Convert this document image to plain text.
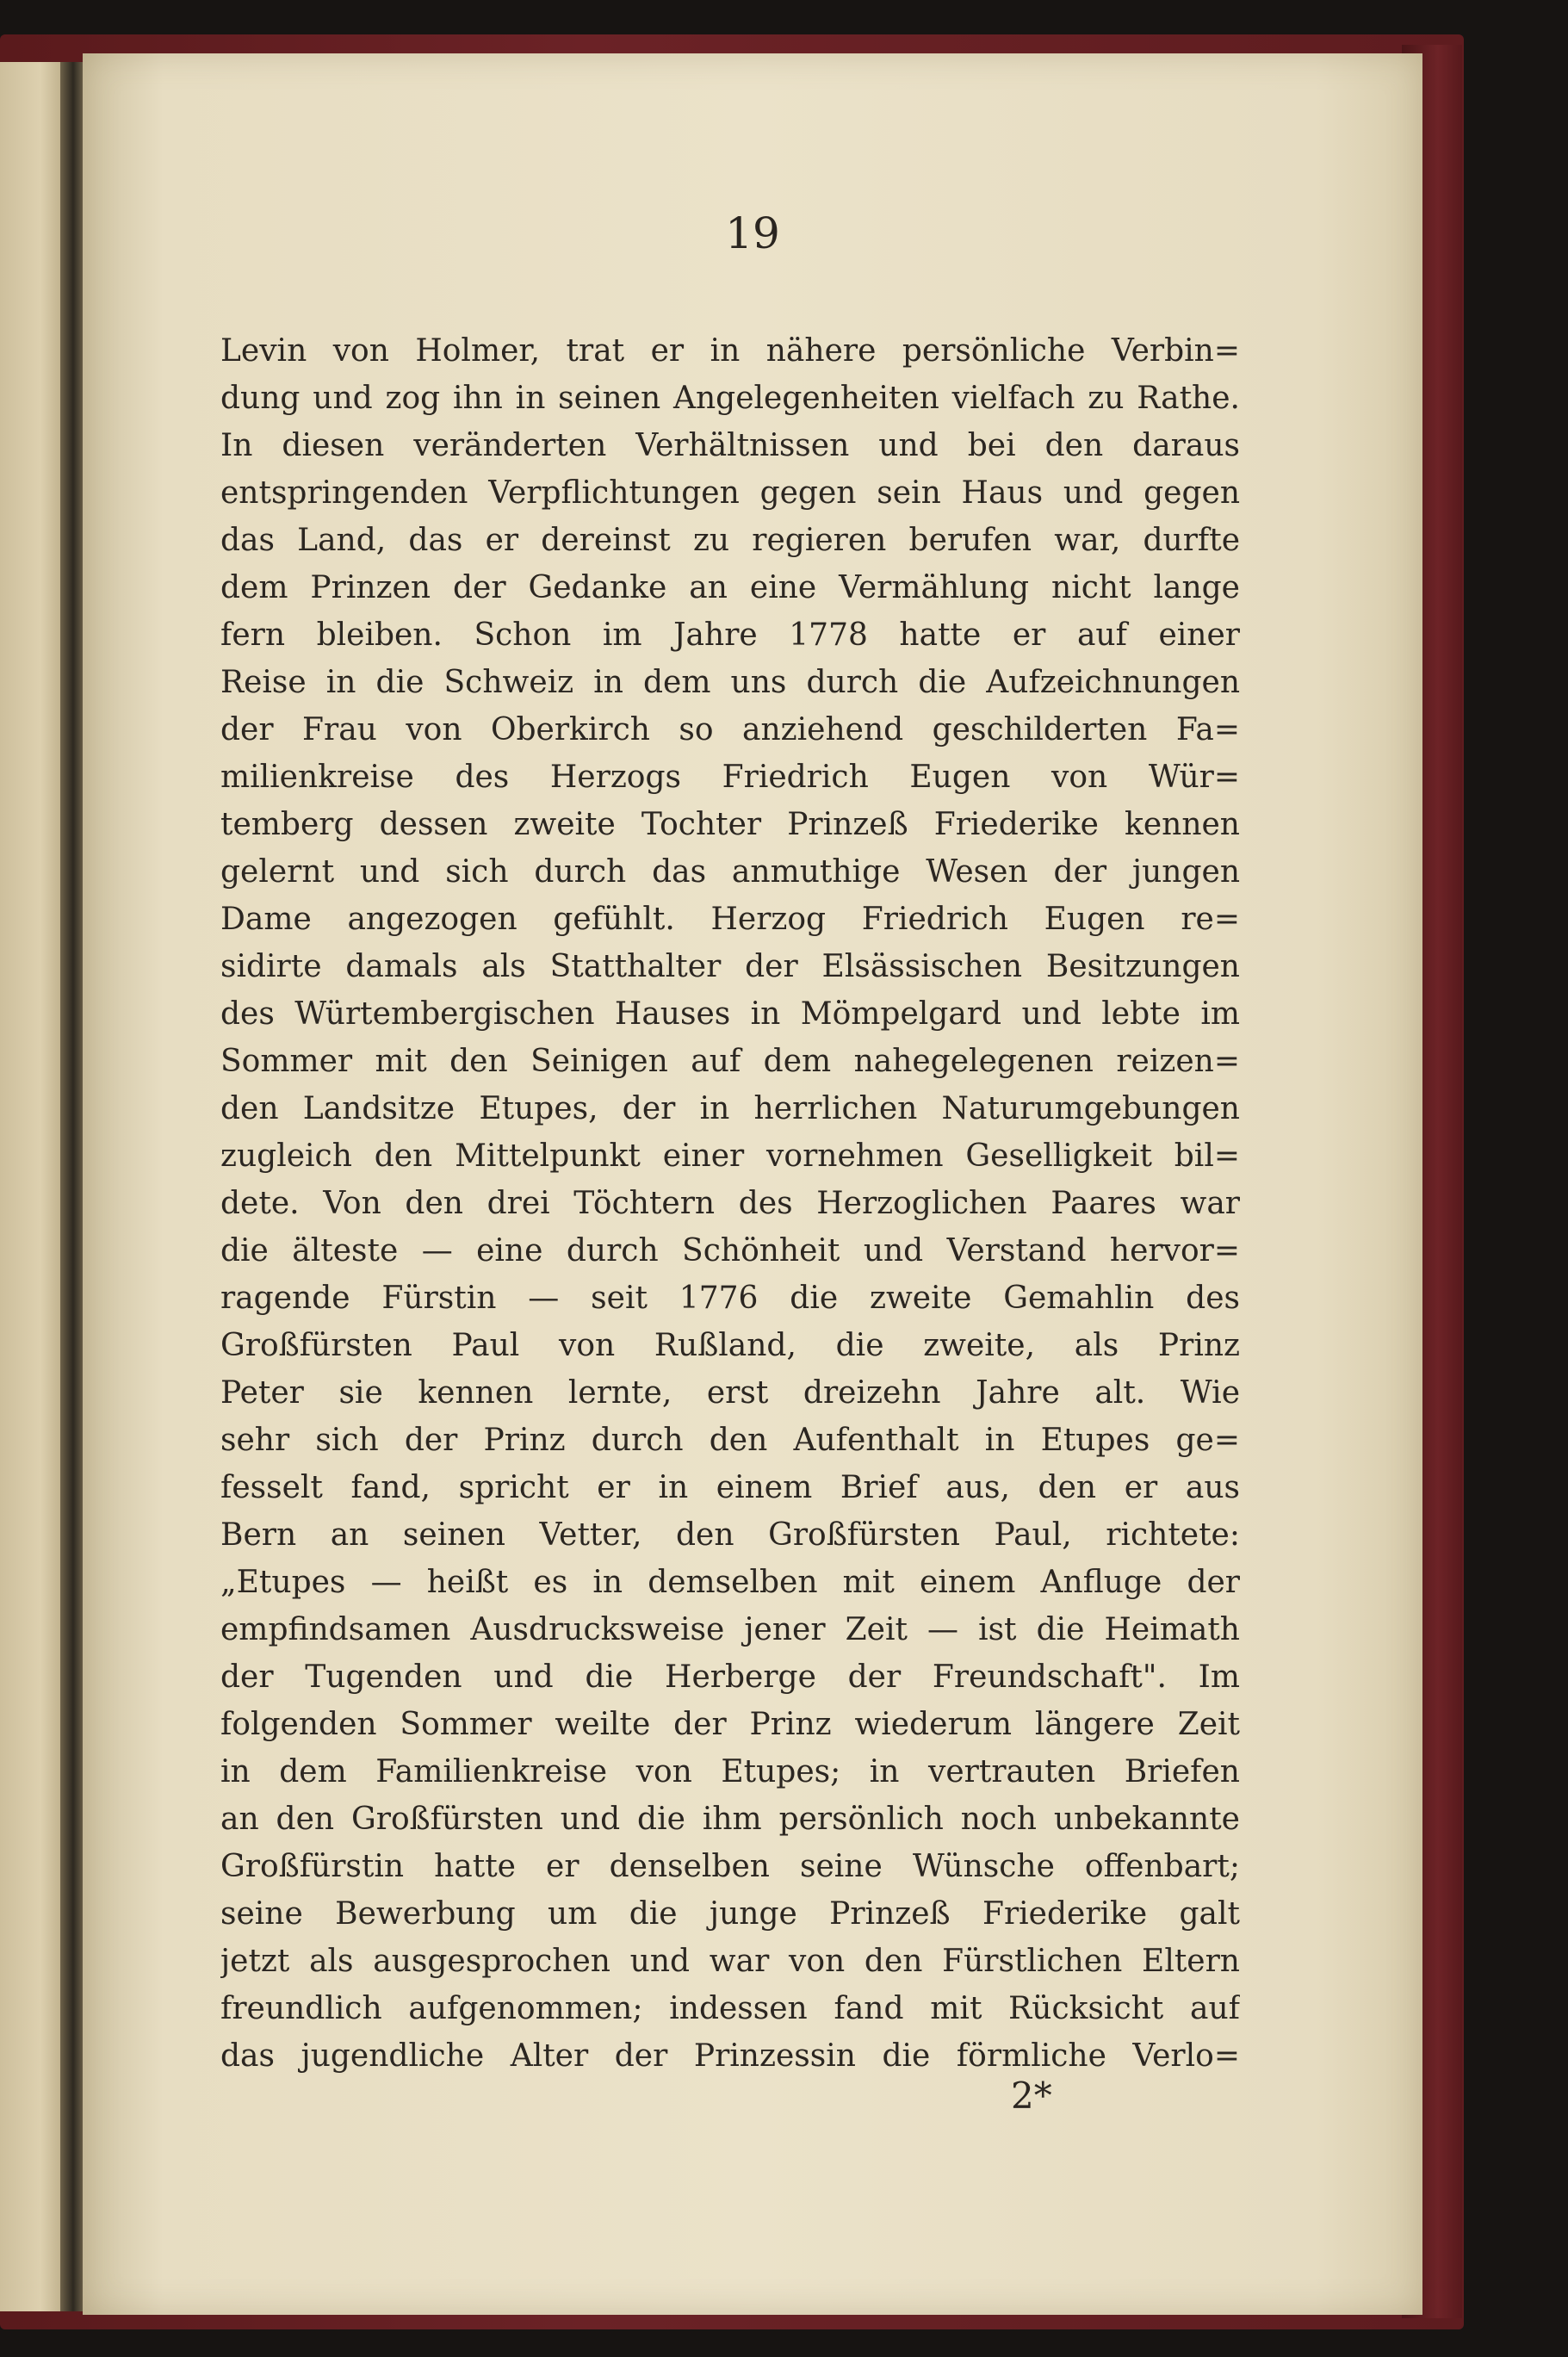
19
Levin von Holmer, trat er in nähere persönliche Verbin=
dung und zog ihn in seinen Angelegenheiten vielfach zu Rathe.
In diesen veränderten Verhältnissen und bei den daraus
entspringenden Verpflichtungen gegen sein Haus und gegen
das Land, das er dereinst zu regieren berufen war, durfte
dem Prinzen der Gedanke an eine Vermählung nicht lange
fern bleiben. Schon im Jahre 1778 hatte er auf einer
Reise in die Schweiz in dem uns durch die Aufzeichnungen
der Frau von Oberkirch so anziehend geschilderten Fa=
milienkreise des Herzogs Friedrich Eugen von Wür=
temberg dessen zweite Tochter Prinzeß Friederike kennen
gelernt und sich durch das anmuthige Wesen der jungen
Dame angezogen gefühlt. Herzog Friedrich Eugen re=
sidirte damals als Statthalter der Elsässischen Besitzungen
des Würtembergischen Hauses in Mömpelgard und lebte im
Sommer mit den Seinigen auf dem nahegelegenen reizen=
den Landsitze Etupes, der in herrlichen Naturumgebungen
zugleich den Mittelpunkt einer vornehmen Geselligkeit bil=
dete. Von den drei Töchtern des Herzoglichen Paares war
die älteste — eine durch Schönheit und Verstand hervor=
ragende Fürstin — seit 1776 die zweite Gemahlin des
Großfürsten Paul von Rußland, die zweite, als Prinz
Peter sie kennen lernte, erst dreizehn Jahre alt. Wie
sehr sich der Prinz durch den Aufenthalt in Etupes ge=
fesselt fand, spricht er in einem Brief aus, den er aus
Bern an seinen Vetter, den Großfürsten Paul, richtete:
„Etupes — heißt es in demselben mit einem Anfluge der
empfindsamen Ausdrucksweise jener Zeit — ist die Heimath
der Tugenden und die Herberge der Freundschaft". Im
folgenden Sommer weilte der Prinz wiederum längere Zeit
in dem Familienkreise von Etupes; in vertrauten Briefen
an den Großfürsten und die ihm persönlich noch unbekannte
Großfürstin hatte er denselben seine Wünsche offenbart;
seine Bewerbung um die junge Prinzeß Friederike galt
jetzt als ausgesprochen und war von den Fürstlichen Eltern
freundlich aufgenommen; indessen fand mit Rücksicht auf
das jugendliche Alter der Prinzessin die förmliche Verlo=
2*
